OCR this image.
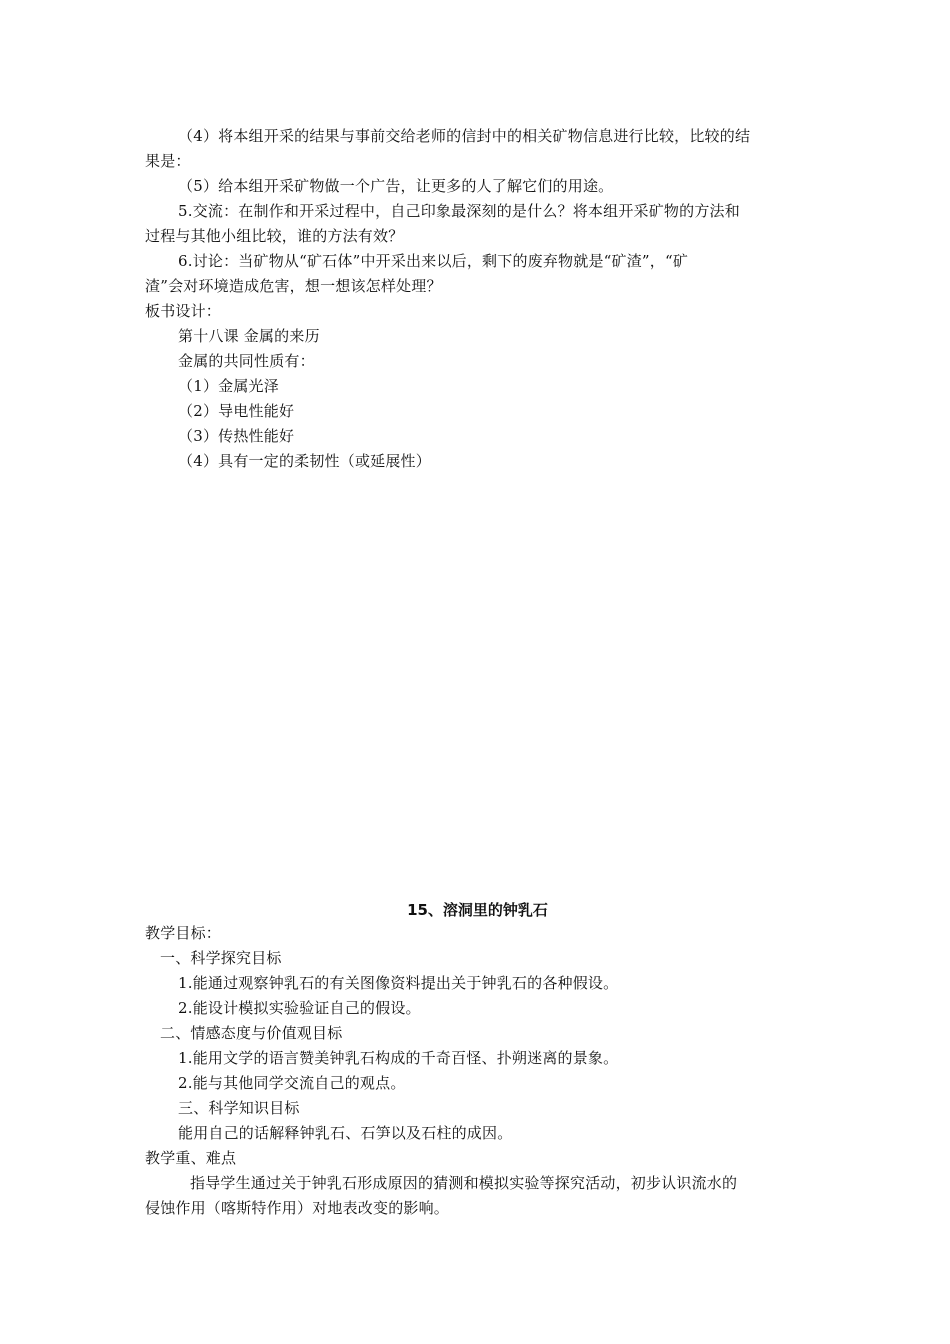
（4）将本组开采的结果与事前交给老师的信封中的相关矿物信息进行比较，比较的结
果是：
（5）给本组开采矿物做一个广告，让更多的人了解它们的用途。
5.交流：在制作和开采过程中，自己印象最深刻的是什么？将本组开采矿物的方法和
过程与其他小组比较，谁的方法有效？
6.讨论：当矿物从“矿石体”中开采出来以后，剩下的废弃物就是“矿渣”，“矿
渣”会对环境造成危害，想一想该怎样处理？
板书设计：
第十八课 金属的来历
金属的共同性质有：
（1）金属光泽
（2）导电性能好
（3）传热性能好
（4）具有一定的柔韧性（或延展性）
15、溶洞里的钟乳石
教学目标：
一、科学探究目标
1.能通过观察钟乳石的有关图像资料提出关于钟乳石的各种假设。
2.能设计模拟实验验证自己的假设。
二、情感态度与价值观目标
1.能用文学的语言赞美钟乳石构成的千奇百怪、扑朔迷离的景象。
2.能与其他同学交流自己的观点。
三、科学知识目标
能用自己的话解释钟乳石、石笋以及石柱的成因。
教学重、难点
指导学生通过关于钟乳石形成原因的猜测和模拟实验等探究活动，初步认识流水的
侵蚀作用（喀斯特作用）对地表改变的影响。
